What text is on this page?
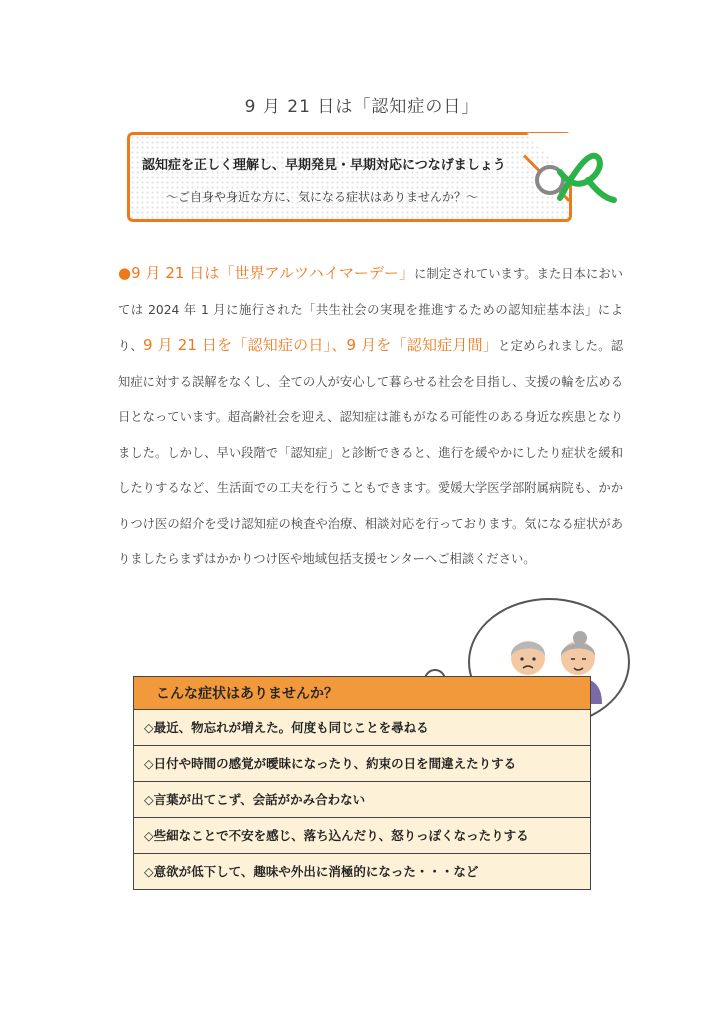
9 月 21 日は「認知症の日」
認知症を正しく理解し、早期発見・早期対応につなげましょう
～ご自身や身近な方に、気になる症状はありませんか？～
●9 月 21 日は「世界アルツハイマーデー」に制定されています。また日本においては 2024 年 1 月に施行された「共生社会の実現を推進するための認知症基本法」により、9 月 21 日を「認知症の日」、9 月を「認知症月間」と定められました。認知症に対する誤解をなくし、全ての人が安心して暮らせる社会を目指し、支援の輪を広める日となっています。超高齢社会を迎え、認知症は誰もがなる可能性のある身近な疾患となりました。しかし、早い段階で「認知症」と診断できると、進行を緩やかにしたり症状を緩和したりするなど、生活面での工夫を行うこともできます。愛媛大学医学部附属病院も、かかりつけ医の紹介を受け認知症の検査や治療、相談対応を行っております。気になる症状がありましたらまずはかかりつけ医や地域包括支援センターへご相談ください。
こんな症状はありませんか？
◇最近、物忘れが増えた。何度も同じことを尋ねる
◇日付や時間の感覚が曖昧になったり、約束の日を間違えたりする
◇言葉が出てこず、会話がかみ合わない
◇些細なことで不安を感じ、落ち込んだり、怒りっぽくなったりする
◇意欲が低下して、趣味や外出に消極的になった・・・など
